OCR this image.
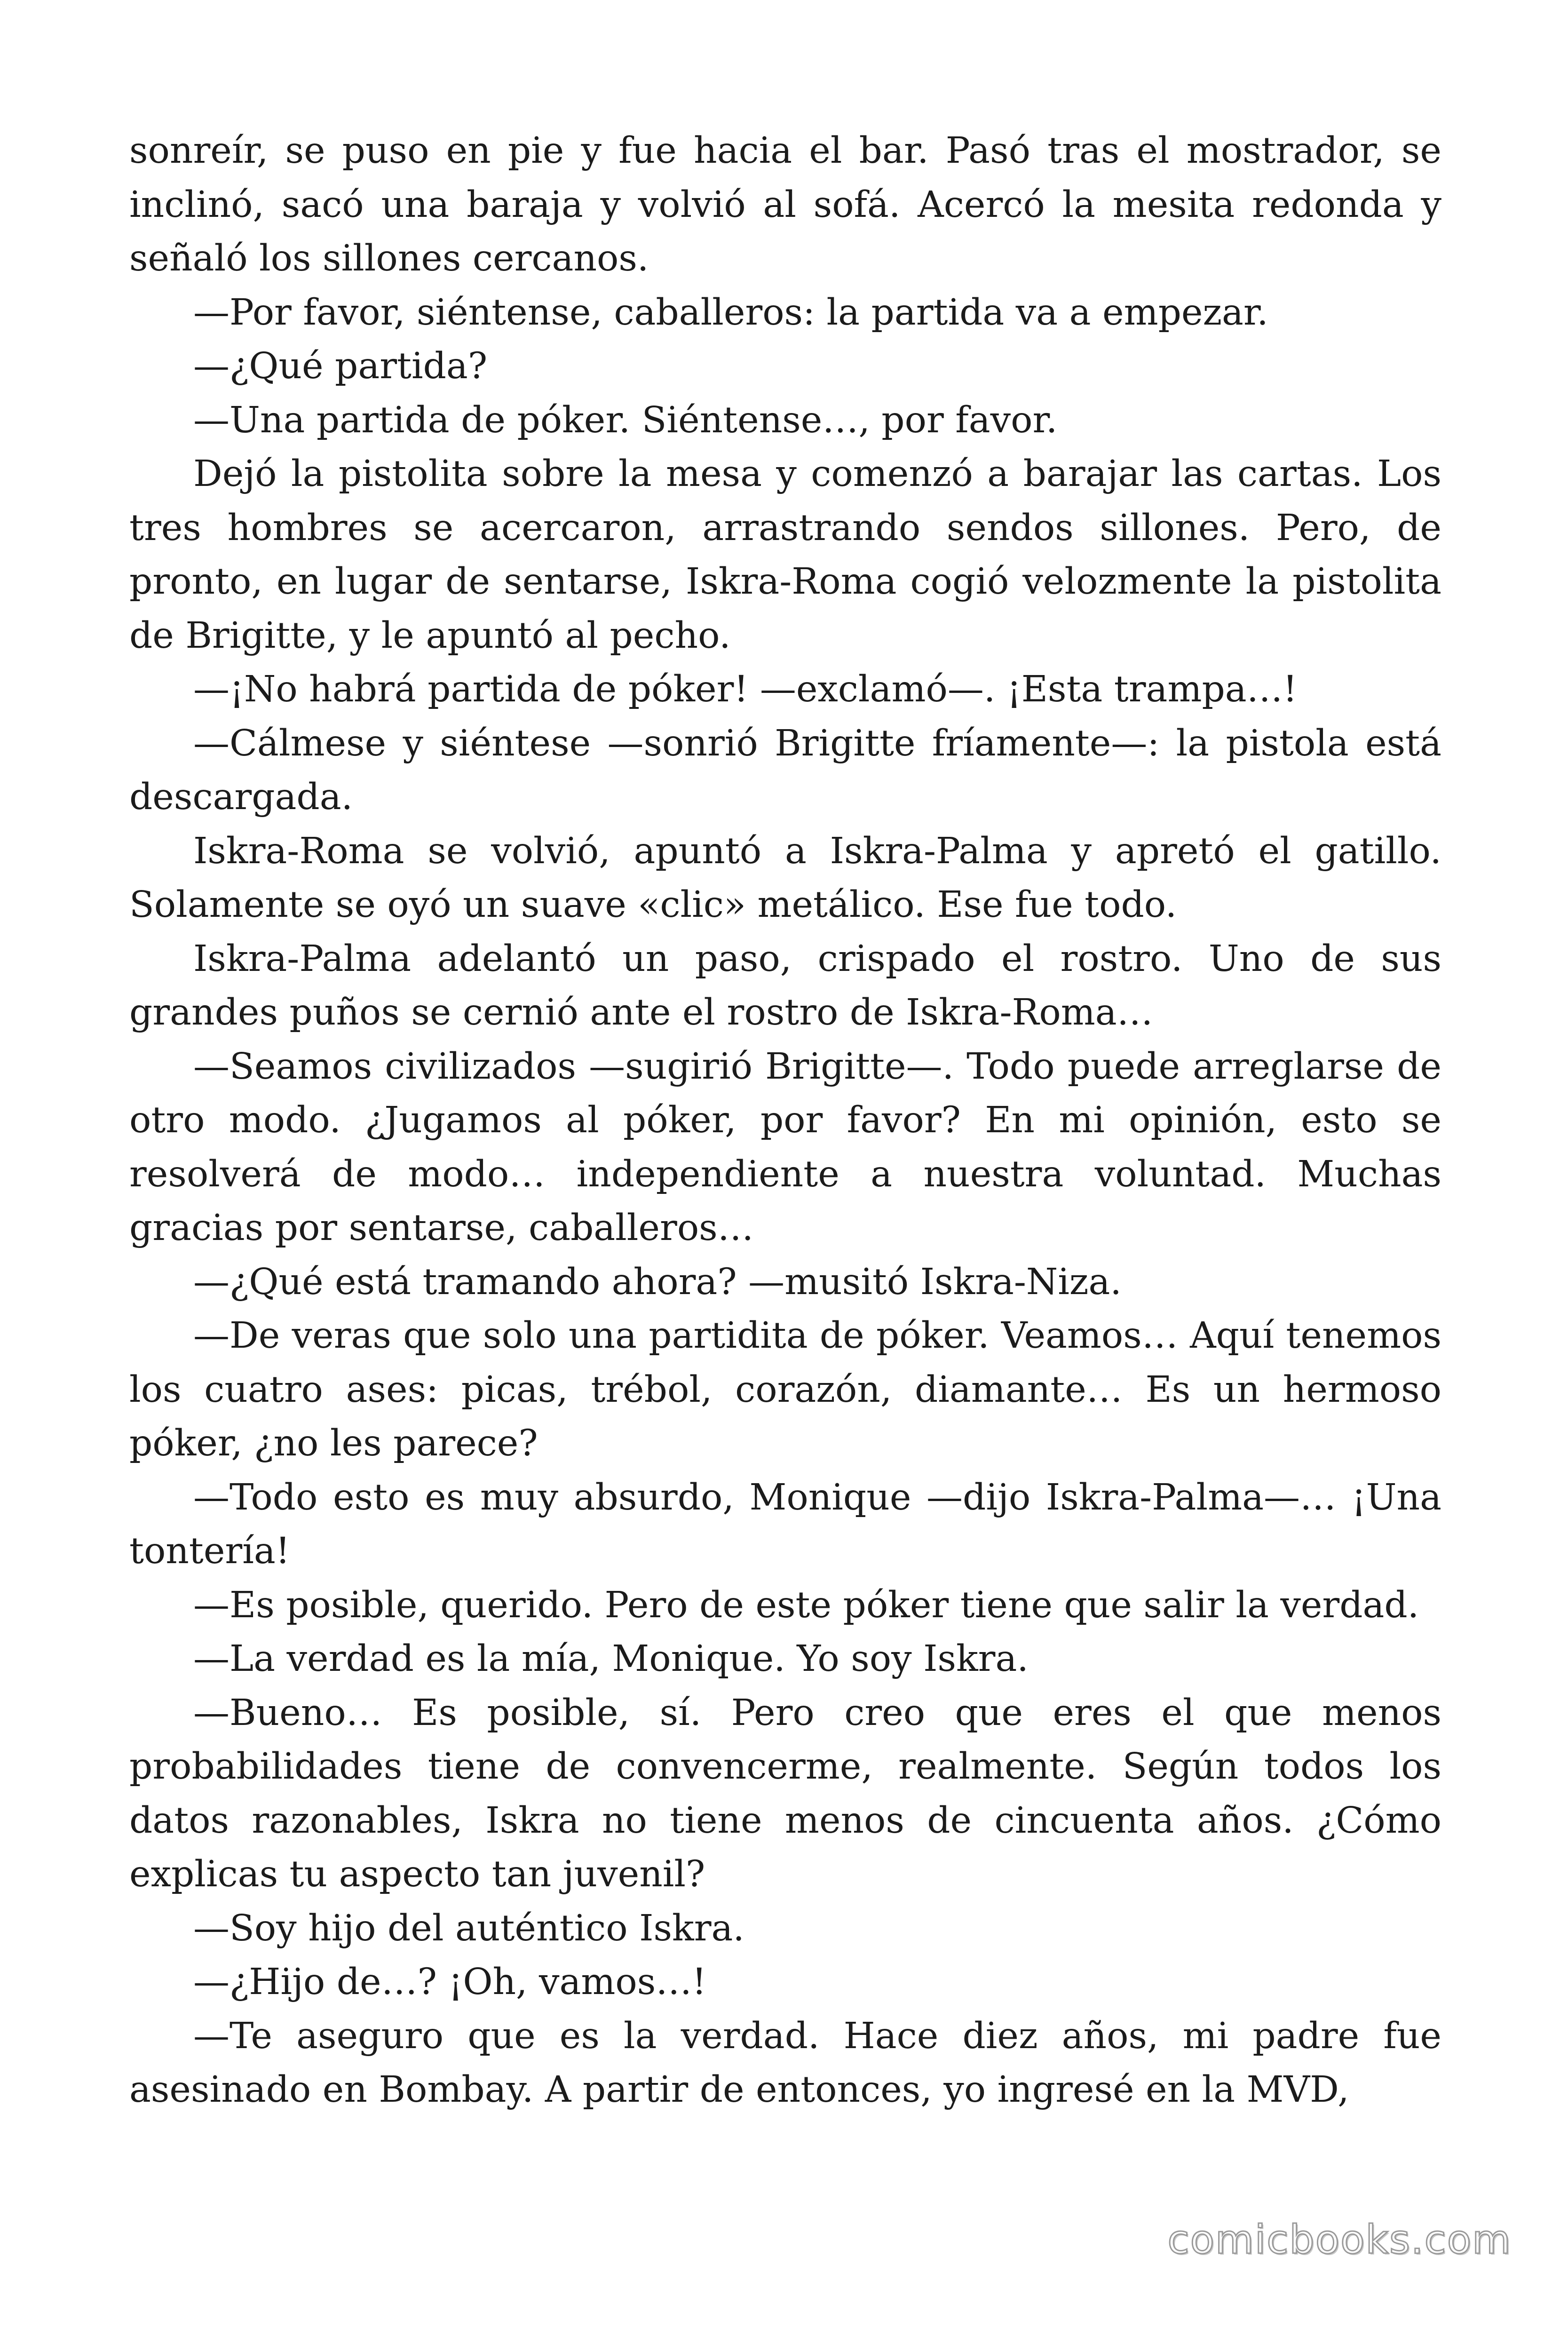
sonreír, se puso en pie y fue hacia el bar. Pasó tras el mostrador, se inclinó, sacó una baraja y volvió al sofá. Acercó la mesita redonda y señaló los sillones cercanos.

—Por favor, siéntense, caballeros: la partida va a empezar.

—¿Qué partida?

—Una partida de póker. Siéntense…, por favor.

Dejó la pistolita sobre la mesa y comenzó a barajar las cartas. Los tres hombres se acercaron, arrastrando sendos sillones. Pero, de pronto, en lugar de sentarse, Iskra-Roma cogió velozmente la pistolita de Brigitte, y le apuntó al pecho.

—¡No habrá partida de póker! —exclamó—. ¡Esta trampa…!

—Cálmese y siéntese —sonrió Brigitte fríamente—: la pistola está descargada.

Iskra-Roma se volvió, apuntó a Iskra-Palma y apretó el gatillo. Solamente se oyó un suave «clic» metálico. Ese fue todo.

Iskra-Palma adelantó un paso, crispado el rostro. Uno de sus grandes puños se cernió ante el rostro de Iskra-Roma…

—Seamos civilizados —sugirió Brigitte—. Todo puede arreglarse de otro modo. ¿Jugamos al póker, por favor? En mi opinión, esto se resolverá de modo… independiente a nuestra voluntad. Muchas gracias por sentarse, caballeros…

—¿Qué está tramando ahora? —musitó Iskra-Niza.

—De veras que solo una partidita de póker. Veamos… Aquí tenemos los cuatro ases: picas, trébol, corazón, diamante… Es un hermoso póker, ¿no les parece?

—Todo esto es muy absurdo, Monique —dijo Iskra-Palma—… ¡Una tontería!

—Es posible, querido. Pero de este póker tiene que salir la verdad.

—La verdad es la mía, Monique. Yo soy Iskra.

—Bueno… Es posible, sí. Pero creo que eres el que menos probabilidades tiene de convencerme, realmente. Según todos los datos razonables, Iskra no tiene menos de cincuenta años. ¿Cómo explicas tu aspecto tan juvenil?

—Soy hijo del auténtico Iskra.

—¿Hijo de…? ¡Oh, vamos…!

—Te aseguro que es la verdad. Hace diez años, mi padre fue asesinado en Bombay. A partir de entonces, yo ingresé en la MVD,

comicbooks.com
